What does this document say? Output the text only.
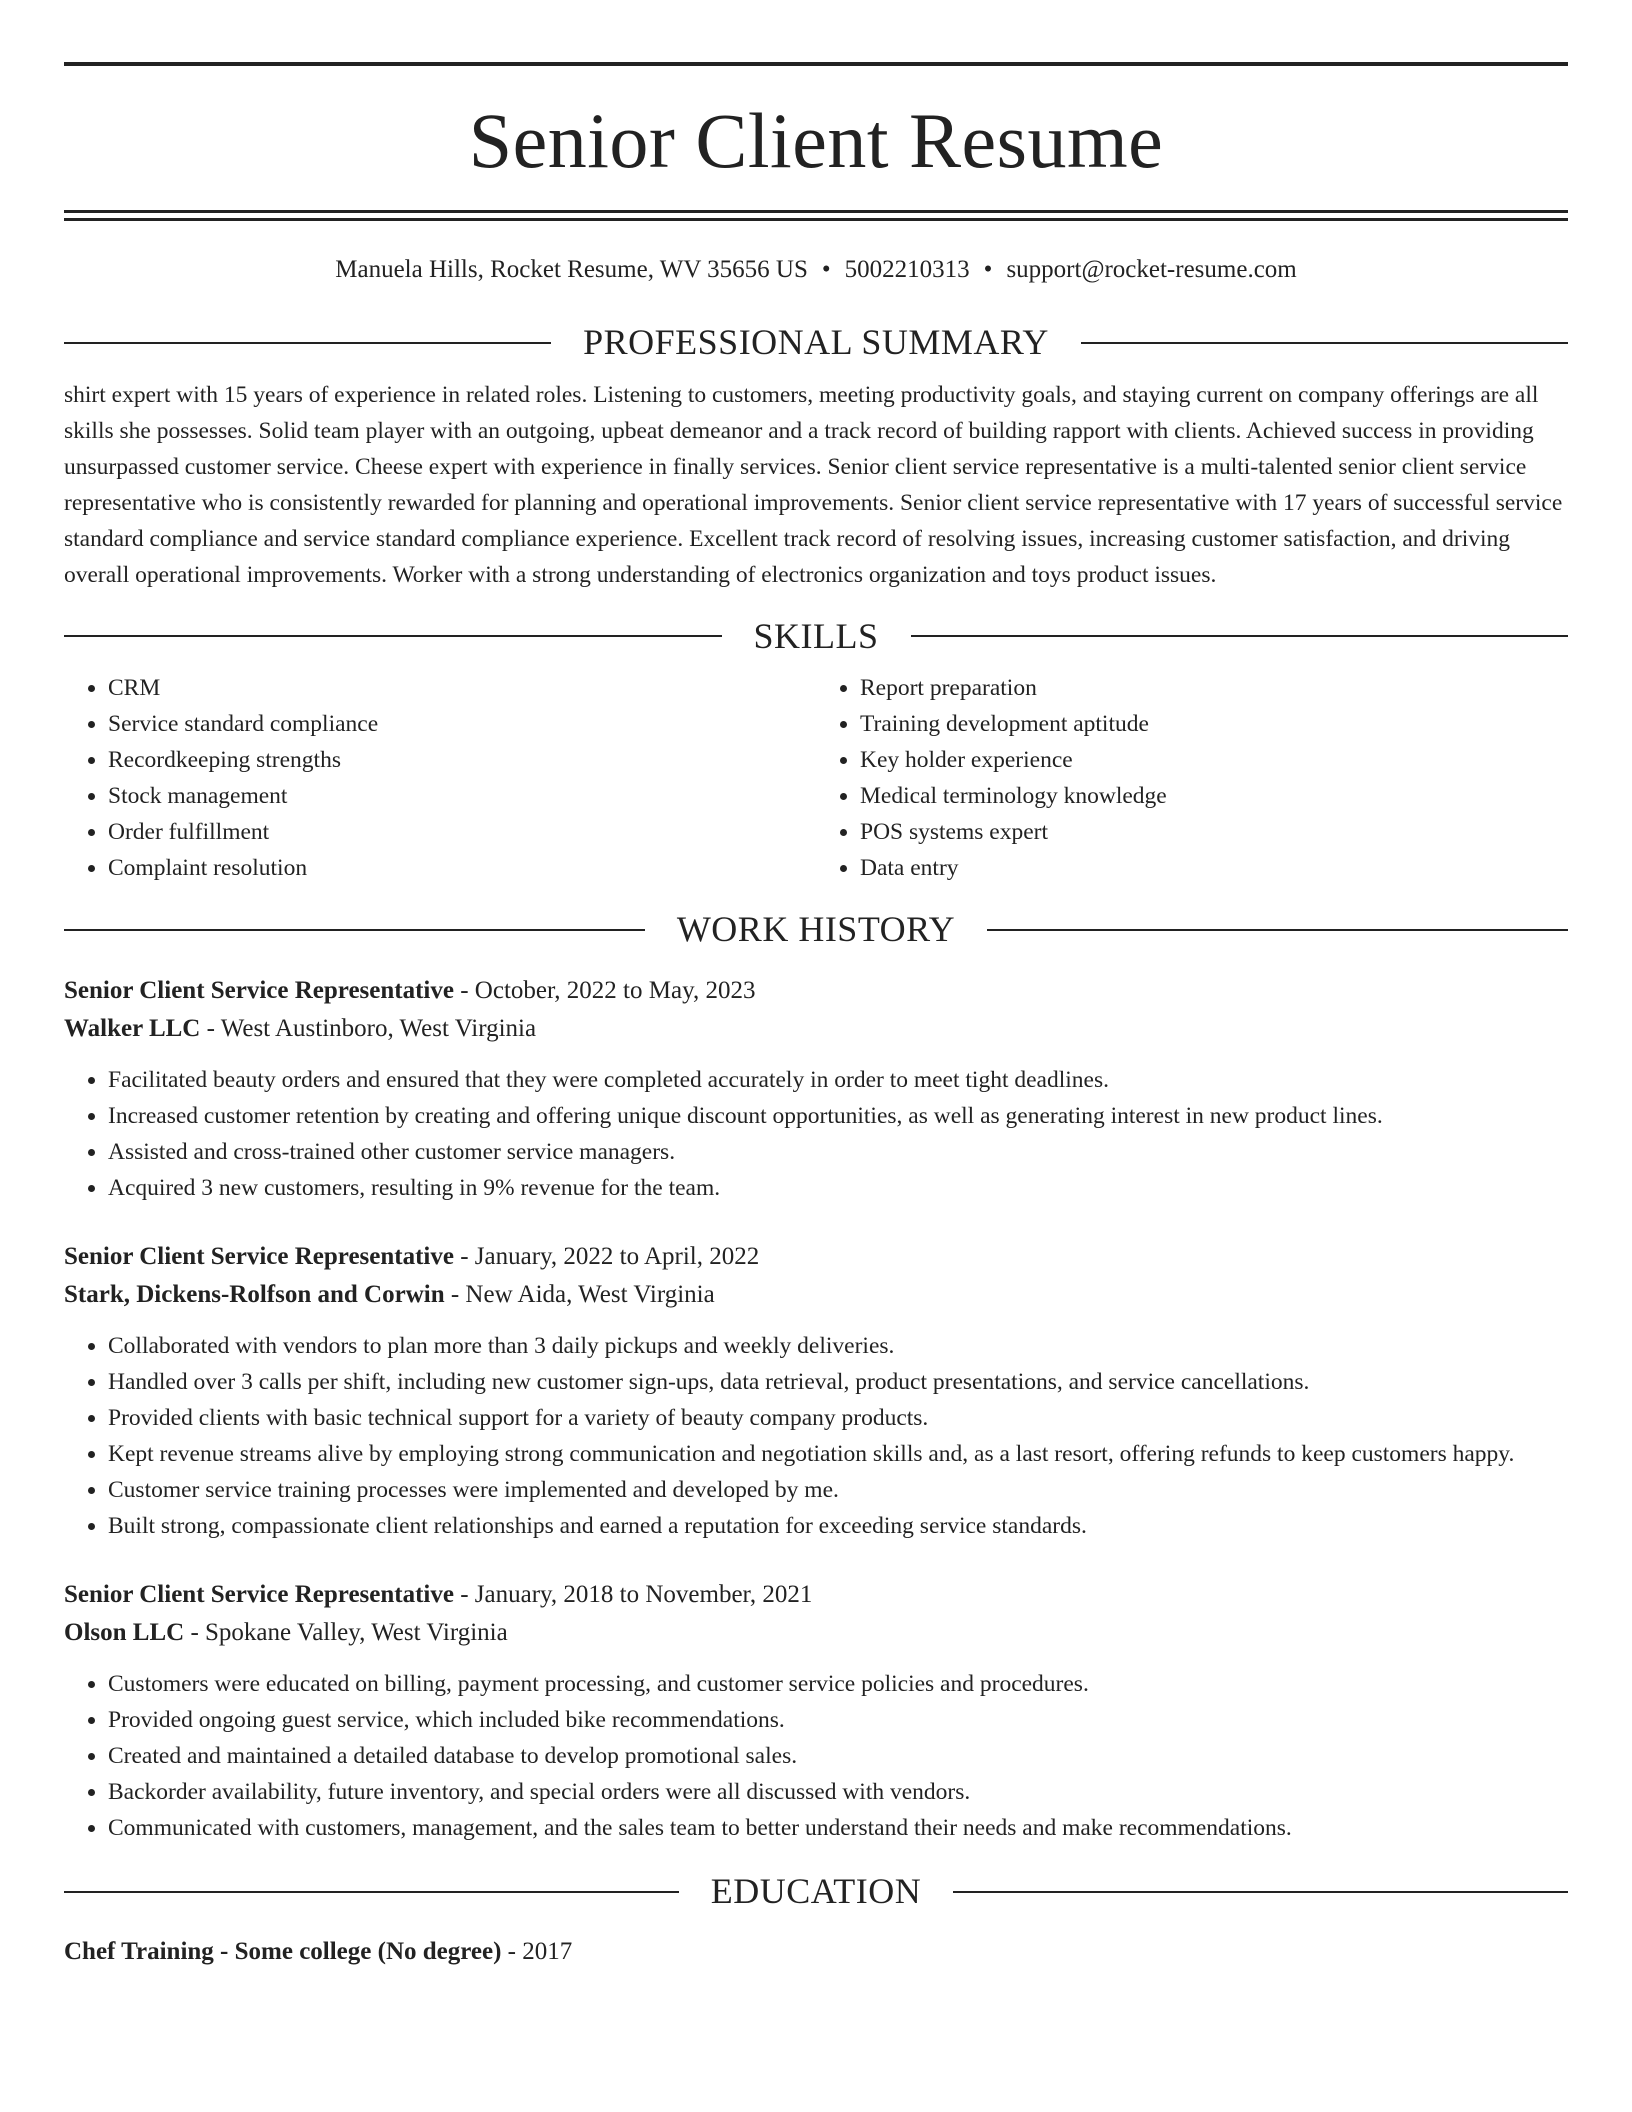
Senior Client Resume
Manuela Hills, Rocket Resume, WV 35656 US • 5002210313 • support@rocket-resume.com
PROFESSIONAL SUMMARY

shirt expert with 15 years of experience in related roles. Listening to customers, meeting productivity goals, and staying current on company offerings are all skills she possesses. Solid team player with an outgoing, upbeat demeanor and a track record of building rapport with clients. Achieved success in providing unsurpassed customer service. Cheese expert with experience in finally services. Senior client service representative is a multi-talented senior client service representative who is consistently rewarded for planning and operational improvements. Senior client service representative with 17 years of successful service standard compliance and service standard compliance experience. Excellent track record of resolving issues, increasing customer satisfaction, and driving overall operational improvements. Worker with a strong understanding of electronics organization and toys product issues.

SKILLS
• CRM
• Service standard compliance
• Recordkeeping strengths
• Stock management
• Order fulfillment
• Complaint resolution
• Report preparation
• Training development aptitude
• Key holder experience
• Medical terminology knowledge
• POS systems expert
• Data entry
WORK HISTORY
Senior Client Service Representative - October, 2022 to May, 2023
Walker LLC - West Austinboro, West Virginia
• Facilitated beauty orders and ensured that they were completed accurately in order to meet tight deadlines.
• Increased customer retention by creating and offering unique discount opportunities, as well as generating interest in new product lines.
• Assisted and cross-trained other customer service managers.
• Acquired 3 new customers, resulting in 9% revenue for the team.
Senior Client Service Representative - January, 2022 to April, 2022
Stark, Dickens-Rolfson and Corwin - New Aida, West Virginia
• Collaborated with vendors to plan more than 3 daily pickups and weekly deliveries.
• Handled over 3 calls per shift, including new customer sign-ups, data retrieval, product presentations, and service cancellations.
• Provided clients with basic technical support for a variety of beauty company products.
• Kept revenue streams alive by employing strong communication and negotiation skills and, as a last resort, offering refunds to keep customers happy.
• Customer service training processes were implemented and developed by me.
• Built strong, compassionate client relationships and earned a reputation for exceeding service standards.
Senior Client Service Representative - January, 2018 to November, 2021
Olson LLC - Spokane Valley, West Virginia
• Customers were educated on billing, payment processing, and customer service policies and procedures.
• Provided ongoing guest service, which included bike recommendations.
• Created and maintained a detailed database to develop promotional sales.
• Backorder availability, future inventory, and special orders were all discussed with vendors.
• Communicated with customers, management, and the sales team to better understand their needs and make recommendations.
EDUCATION
Chef Training - Some college (No degree) - 2017
